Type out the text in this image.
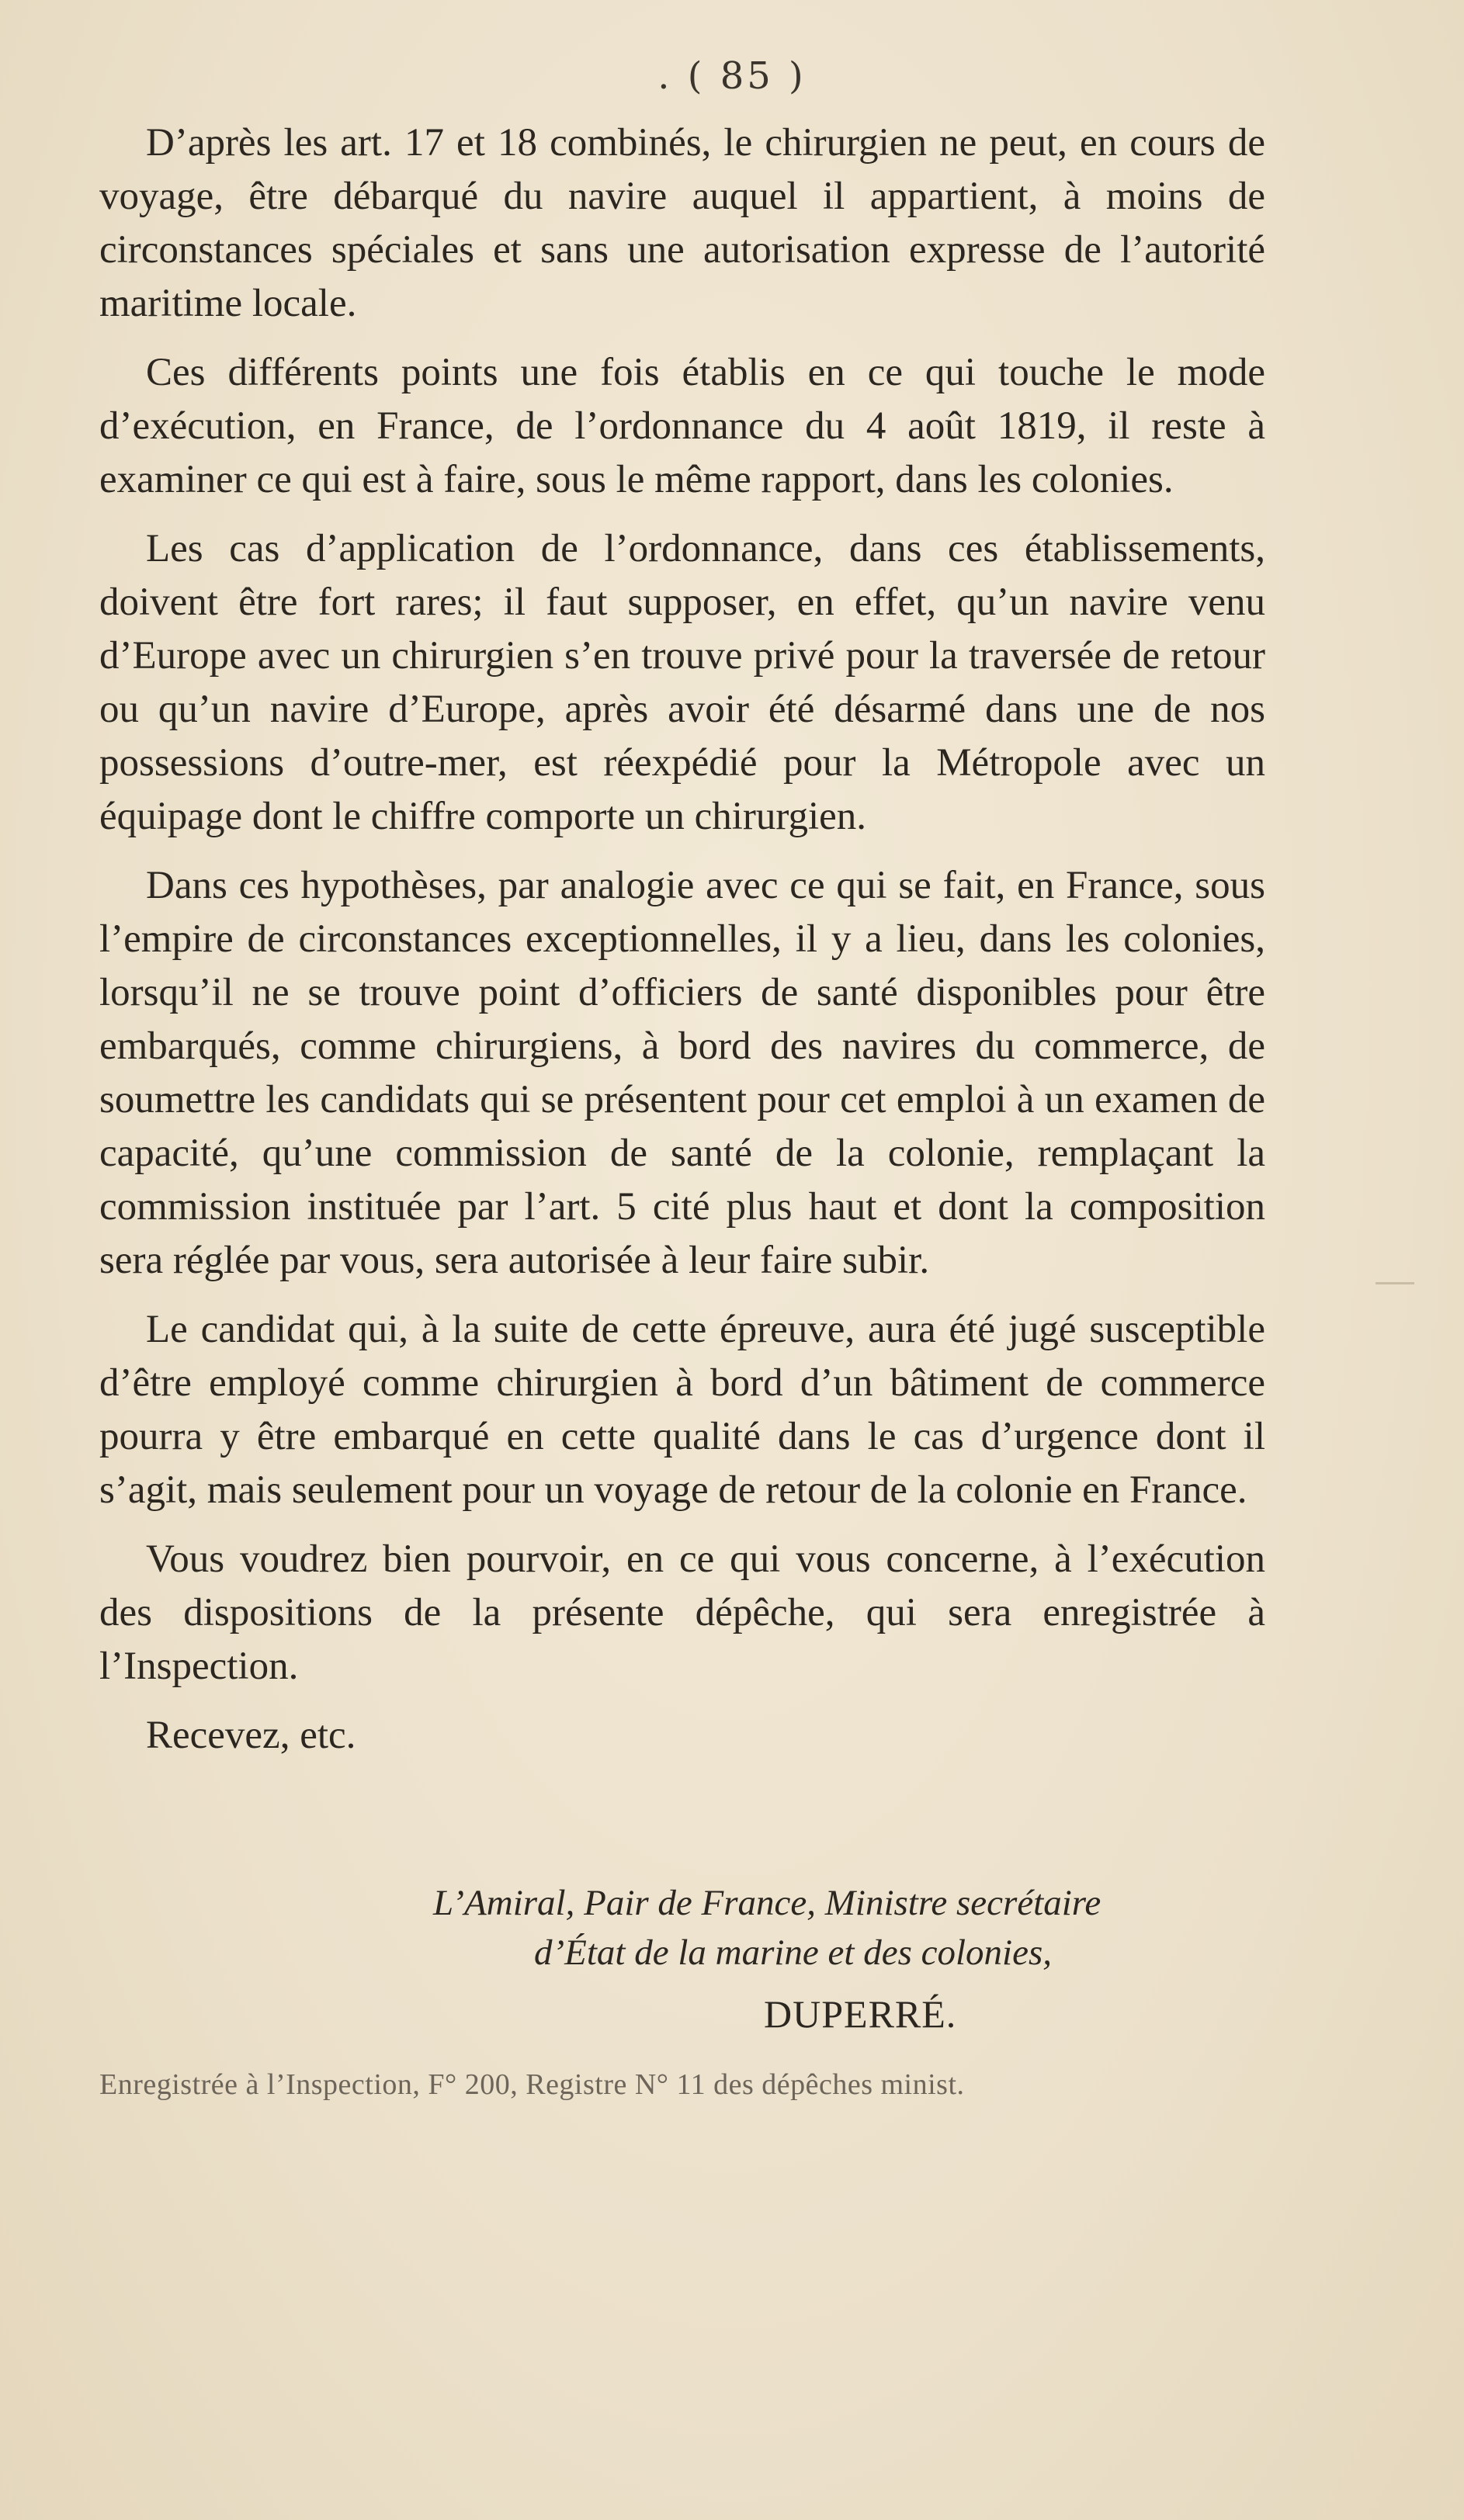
. ( 85 )

D’après les art. 17 et 18 combinés, le chirurgien ne peut, en cours de voyage, être débarqué du navire auquel il appartient, à moins de circonstances spéciales et sans une autorisation expresse de l’autorité maritime locale.

Ces différents points une fois établis en ce qui touche le mode d’exécution, en France, de l’ordonnance du 4 août 1819, il reste à examiner ce qui est à faire, sous le même rapport, dans les colonies.

Les cas d’application de l’ordonnance, dans ces établissements, doivent être fort rares; il faut supposer, en effet, qu’un navire venu d’Europe avec un chirurgien s’en trouve privé pour la traversée de retour ou qu’un navire d’Europe, après avoir été désarmé dans une de nos possessions d’outre-mer, est réexpédié pour la Métropole avec un équipage dont le chiffre comporte un chirurgien.

Dans ces hypothèses, par analogie avec ce qui se fait, en France, sous l’empire de circonstances exceptionnelles, il y a lieu, dans les colonies, lorsqu’il ne se trouve point d’officiers de santé disponibles pour être embarqués, comme chirurgiens, à bord des navires du commerce, de soumettre les candidats qui se présentent pour cet emploi à un examen de capacité, qu’une commission de santé de la colonie, remplaçant la commission instituée par l’art. 5 cité plus haut et dont la composition sera réglée par vous, sera autorisée à leur faire subir.

Le candidat qui, à la suite de cette épreuve, aura été jugé susceptible d’être employé comme chirurgien à bord d’un bâtiment de commerce pourra y être embarqué en cette qualité dans le cas d’urgence dont il s’agit, mais seulement pour un voyage de retour de la colonie en France.

Vous voudrez bien pourvoir, en ce qui vous concerne, à l’exécution des dispositions de la présente dépêche, qui sera enregistrée à l’Inspection.

Recevez, etc.

L’Amiral, Pair de France, Ministre secrétaire
d’État de la marine et des colonies,
DUPERRÉ.
Enregistrée à l’Inspection, F° 200, Registre N° 11 des dépêches minist.
